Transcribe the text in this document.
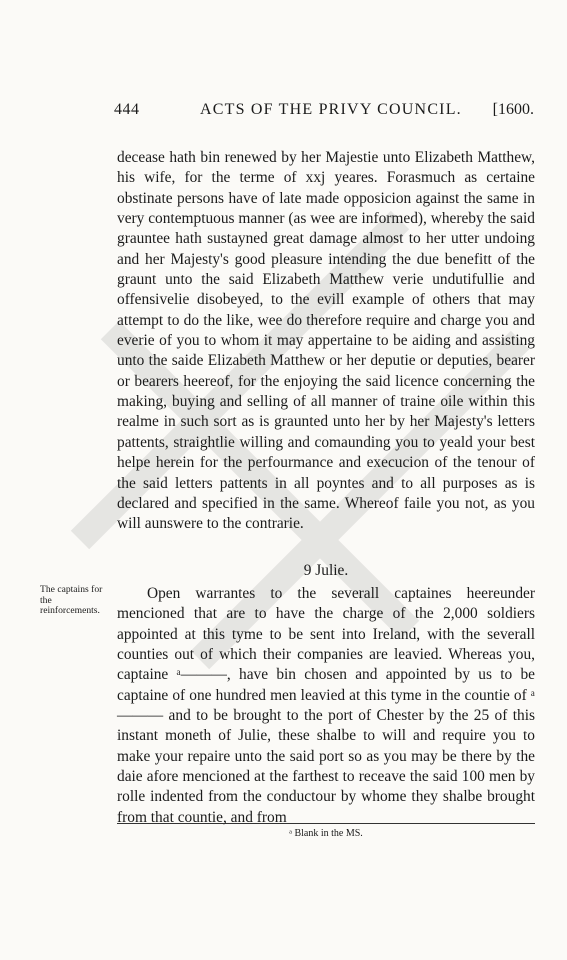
444	ACTS OF THE PRIVY COUNCIL. [1600.
decease hath bin renewed by her Majestie unto Elizabeth Matthew, his wife, for the terme of xxj yeares. Forasmuch as certaine obstinate persons have of late made opposicion against the same in very contemptuous manner (as wee are informed), whereby the said grauntee hath sustayned great damage almost to her utter undoing and her Majesty's good pleasure intending the due benefitt of the graunt unto the said Elizabeth Matthew verie undutifullie and offensivelie disobeyed, to the evill example of others that may attempt to do the like, wee do therefore require and charge you and everie of you to whom it may appertaine to be aiding and assisting unto the saide Elizabeth Matthew or her deputie or deputies, bearer or bearers heereof, for the enjoying the said licence concerning the making, buying and selling of all manner of traine oile within this realme in such sort as is graunted unto her by her Majesty's letters pattents, straightlie willing and comaunding you to yeald your best helpe herein for the perfourmance and execucion of the tenour of the said letters pattents in all poyntes and to all purposes as is declared and specified in the same. Whereof faile you not, as you will aunswere to the contrarie.
9 Julie.
The captains for the reinforcements.
Open warrantes to the severall captaines heereunder mencioned that are to have the charge of the 2,000 soldiers appointed at this tyme to be sent into Ireland, with the severall counties out of which their companies are leavied. Whereas you, captaine ᵃ———, have bin chosen and appointed by us to be captaine of one hundred men leavied at this tyme in the countie of ᵃ——— and to be brought to the port of Chester by the 25 of this instant moneth of Julie, these shalbe to will and require you to make your repaire unto the said port so as you may be there by the daie afore mencioned at the farthest to receave the said 100 men by rolle indented from the conductour by whome they shalbe brought from that countie, and from
ᵃ Blank in the MS.
